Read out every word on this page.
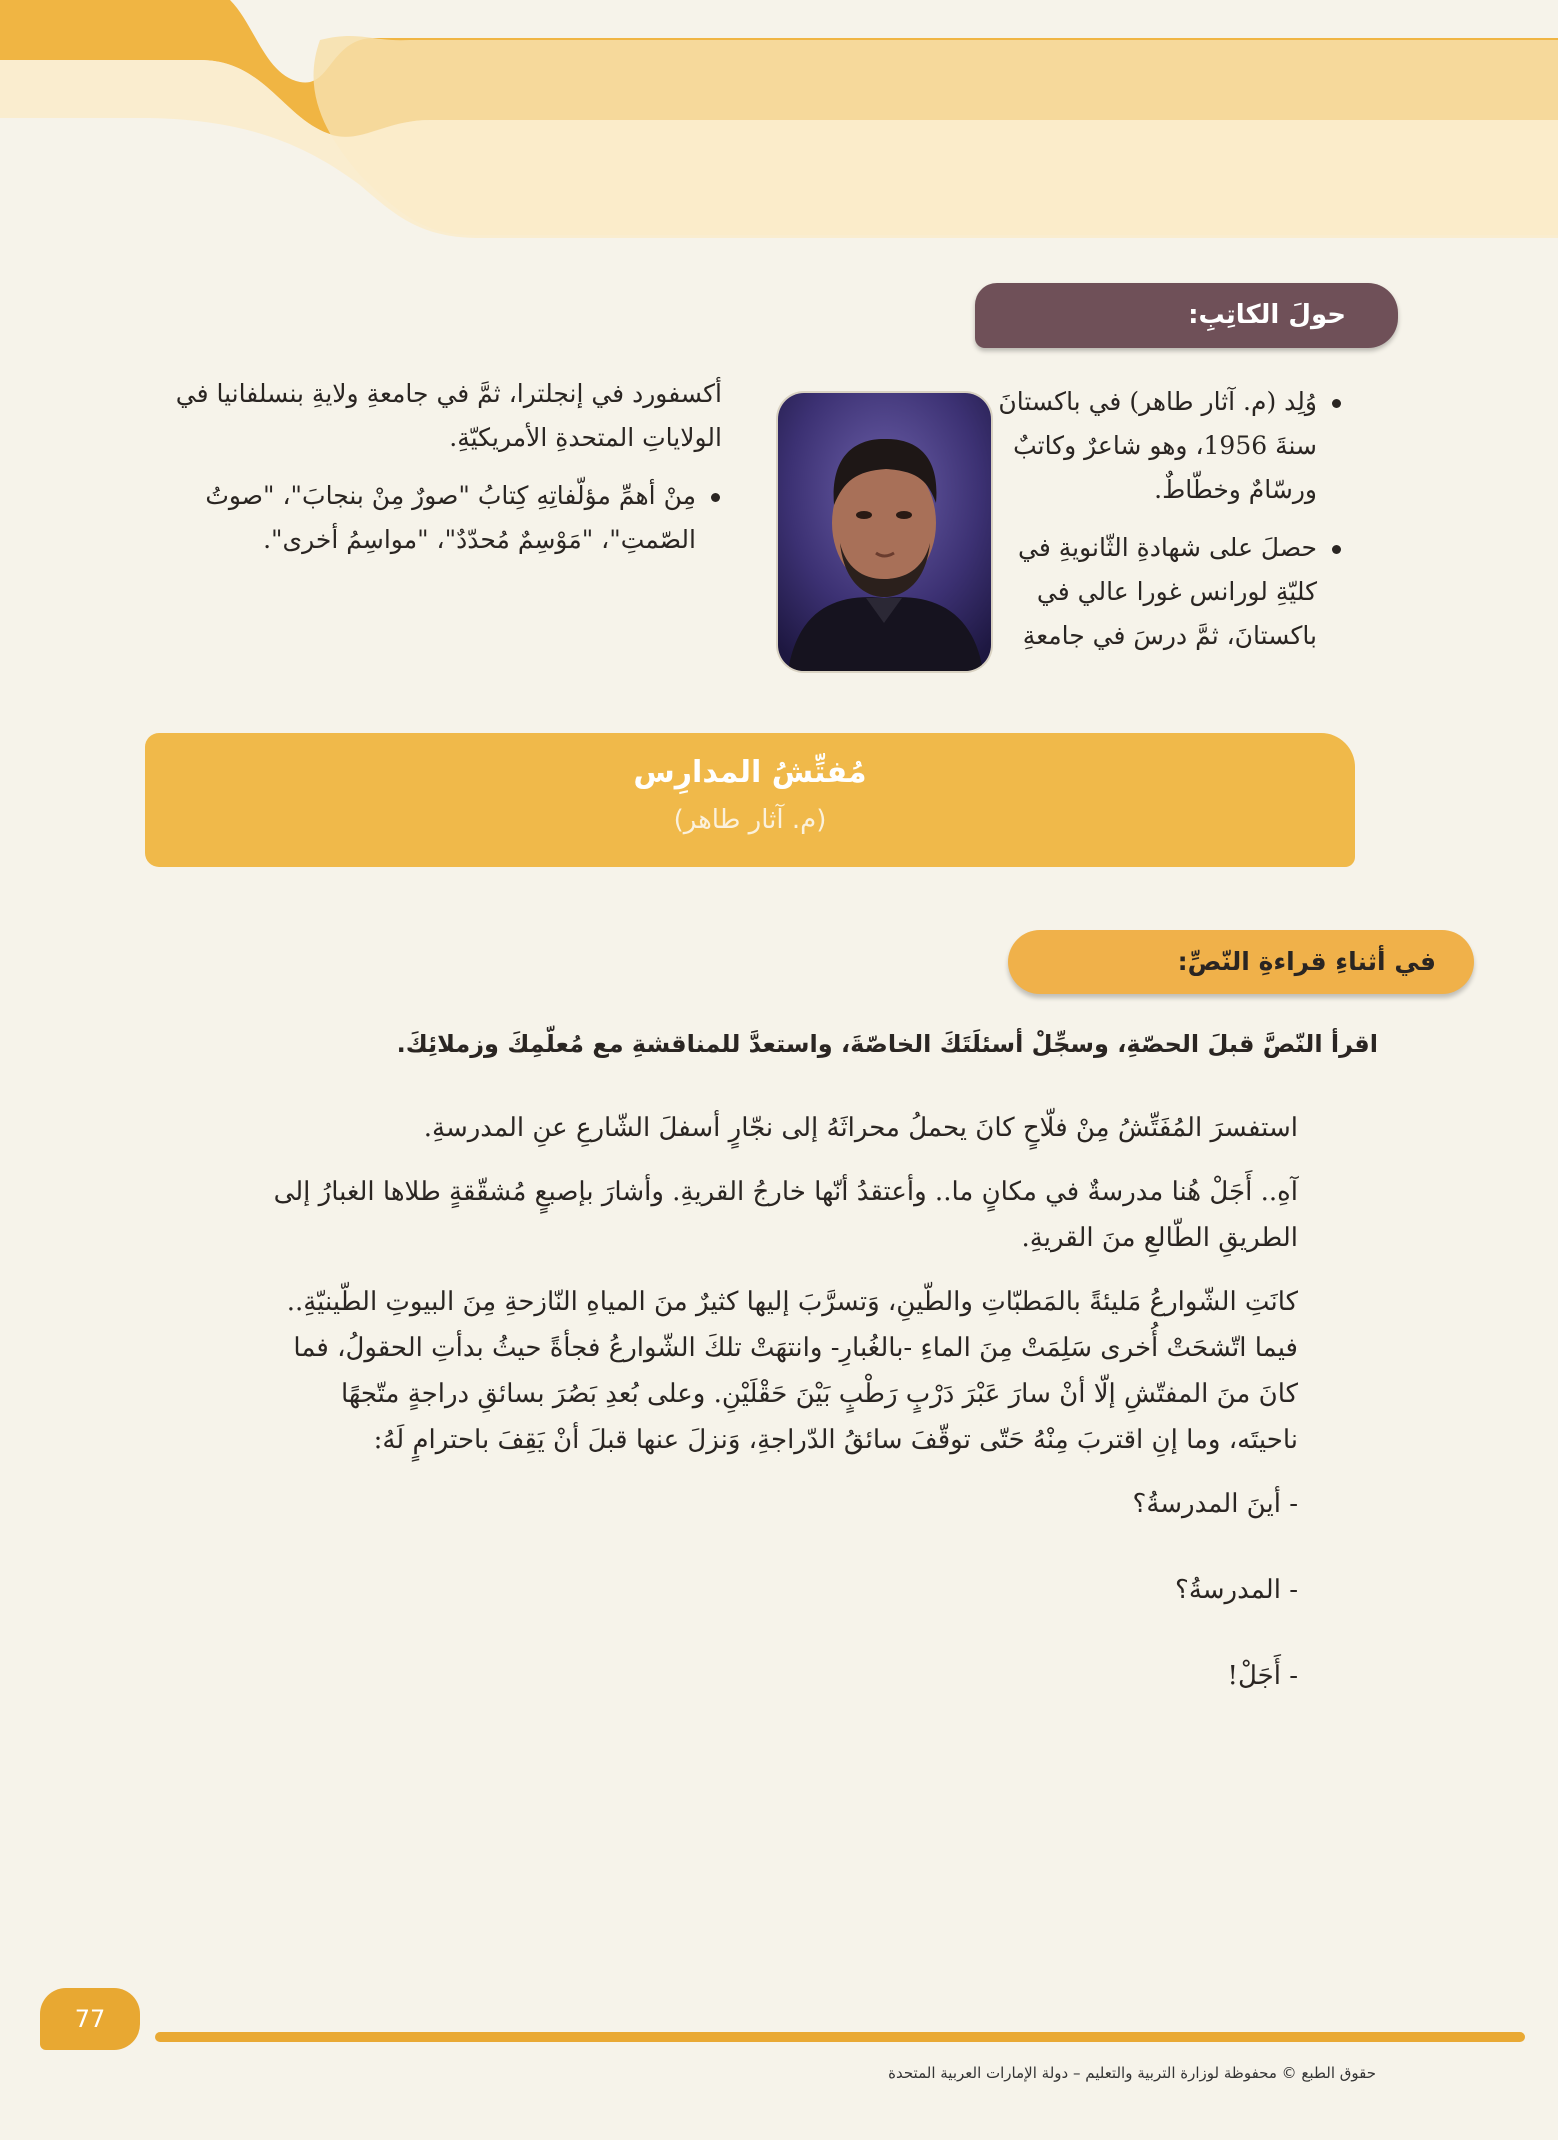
حولَ الكاتِبِ:
وُلِد (م. آثار طاهر) في باكستانَ سنةَ 1956، وهو شاعرٌ وكاتبٌ ورسّامٌ وخطّاطٌ.
حصلَ على شهادةِ الثّانويةِ في كليّةِ لورانس غورا عالي في باكستانَ، ثمَّ درسَ في جامعةِ
أكسفورد في إنجلترا، ثمَّ في جامعةِ ولايةِ بنسلفانيا في الولاياتِ المتحدةِ الأمريكيّةِ.
مِنْ أهمِّ مؤلّفاتِهِ كِتابُ "صورٌ مِنْ بنجابَ"، "صوتُ الصّمتِ"، "مَوْسِمٌ مُحدّدٌ"، "مواسِمُ أخرى".
مُفتِّشُ المدارِس
(م. آثار طاهر)
في أثناءِ قراءةِ النّصِّ:
اقرأ النّصَّ قبلَ الحصّةِ، وسجِّلْ أسئلَتَكَ الخاصّةَ، واستعدَّ للمناقشةِ مع مُعلّمِكَ وزملائِكَ.

استفسرَ المُفَتِّشُ مِنْ فلّاحٍ كانَ يحملُ محراثَهُ إلى نجّارٍ أسفلَ الشّارعِ عنِ المدرسةِ.

آهِ.. أَجَلْ هُنا مدرسةٌ في مكانٍ ما.. وأعتقدُ أنّها خارجُ القريةِ. وأشارَ بإصبعٍ مُشقّقةٍ طلاها الغبارُ إلى الطريقِ الطّالعِ منَ القريةِ.

كانَتِ الشّوارعُ مَليئةً بالمَطبّاتِ والطّينِ، وَتسرَّبَ إليها كثيرٌ منَ المياهِ النّازحةِ مِنَ البيوتِ الطّينيّةِ.. فيما اتّشحَتْ أُخرى سَلِمَتْ مِنَ الماءِ -بالغُبارِ- وانتهَتْ تلكَ الشّوارعُ فجأةً حيثُ بدأتِ الحقولُ، فما كانَ منَ المفتّشِ إلّا أنْ سارَ عَبْرَ دَرْبٍ رَطْبٍ بَيْنَ حَقْلَيْنِ. وعلى بُعدِ بَصُرَ بسائقِ دراجةٍ متّجهًا ناحيتَه، وما إنِ اقتربَ مِنْهُ حَتّى توقّفَ سائقُ الدّراجةِ، وَنزلَ عنها قبلَ أنْ يَقِفَ باحترامٍ لَهُ:

- أينَ المدرسةُ؟

- المدرسةُ؟

- أَجَلْ!

77
حقوق الطبع © محفوظة لوزارة التربية والتعليم – دولة الإمارات العربية المتحدة
